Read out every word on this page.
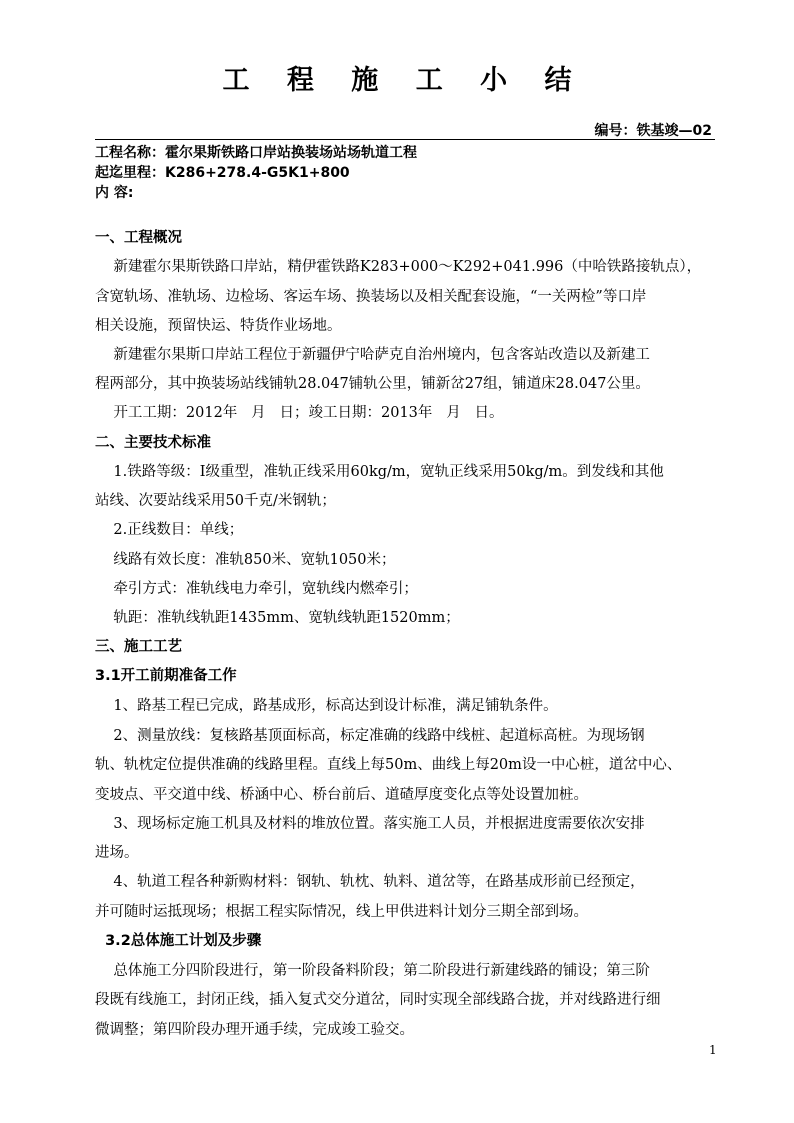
工 程 施 工 小 结
编号：铁基竣—02
工程名称：霍尔果斯铁路口岸站换装场站场轨道工程
起迄里程：K286+278.4-G5K1+800
内 容:
一、工程概况
新建霍尔果斯铁路口岸站，精伊霍铁路K283+000～K292+041.996（中哈铁路接轨点），
含宽轨场、准轨场、边检场、客运车场、换装场以及相关配套设施，“一关两检”等口岸
相关设施，预留快运、特货作业场地。
新建霍尔果斯口岸站工程位于新疆伊宁哈萨克自治州境内，包含客站改造以及新建工
程两部分，其中换装场站线铺轨28.047铺轨公里，铺新岔27组，铺道床28.047公里。
开工工期：2012年   月   日；竣工日期：2013年   月   日。
二、主要技术标准
1.铁路等级：I级重型，准轨正线采用60kg/m，宽轨正线采用50kg/m。到发线和其他
站线、次要站线采用50千克/米钢轨；
2.正线数目：单线；
线路有效长度：准轨850米、宽轨1050米；
牵引方式：准轨线电力牵引，宽轨线内燃牵引；
轨距：准轨线轨距1435mm、宽轨线轨距1520mm；
三、施工工艺
3.1开工前期准备工作
1、路基工程已完成，路基成形，标高达到设计标准，满足铺轨条件。
2、测量放线：复核路基顶面标高，标定准确的线路中线桩、起道标高桩。为现场钢
轨、轨枕定位提供准确的线路里程。直线上每50m、曲线上每20m设一中心桩，道岔中心、
变坡点、平交道中线、桥涵中心、桥台前后、道碴厚度变化点等处设置加桩。
3、现场标定施工机具及材料的堆放位置。落实施工人员，并根据进度需要依次安排
进场。
4、轨道工程各种新购材料：钢轨、轨枕、轨料、道岔等，在路基成形前已经预定，
并可随时运抵现场；根据工程实际情况，线上甲供进料计划分三期全部到场。
3.2总体施工计划及步骤
总体施工分四阶段进行，第一阶段备料阶段；第二阶段进行新建线路的铺设；第三阶
段既有线施工，封闭正线，插入复式交分道岔，同时实现全部线路合拢，并对线路进行细
微调整；第四阶段办理开通手续，完成竣工验交。
1
